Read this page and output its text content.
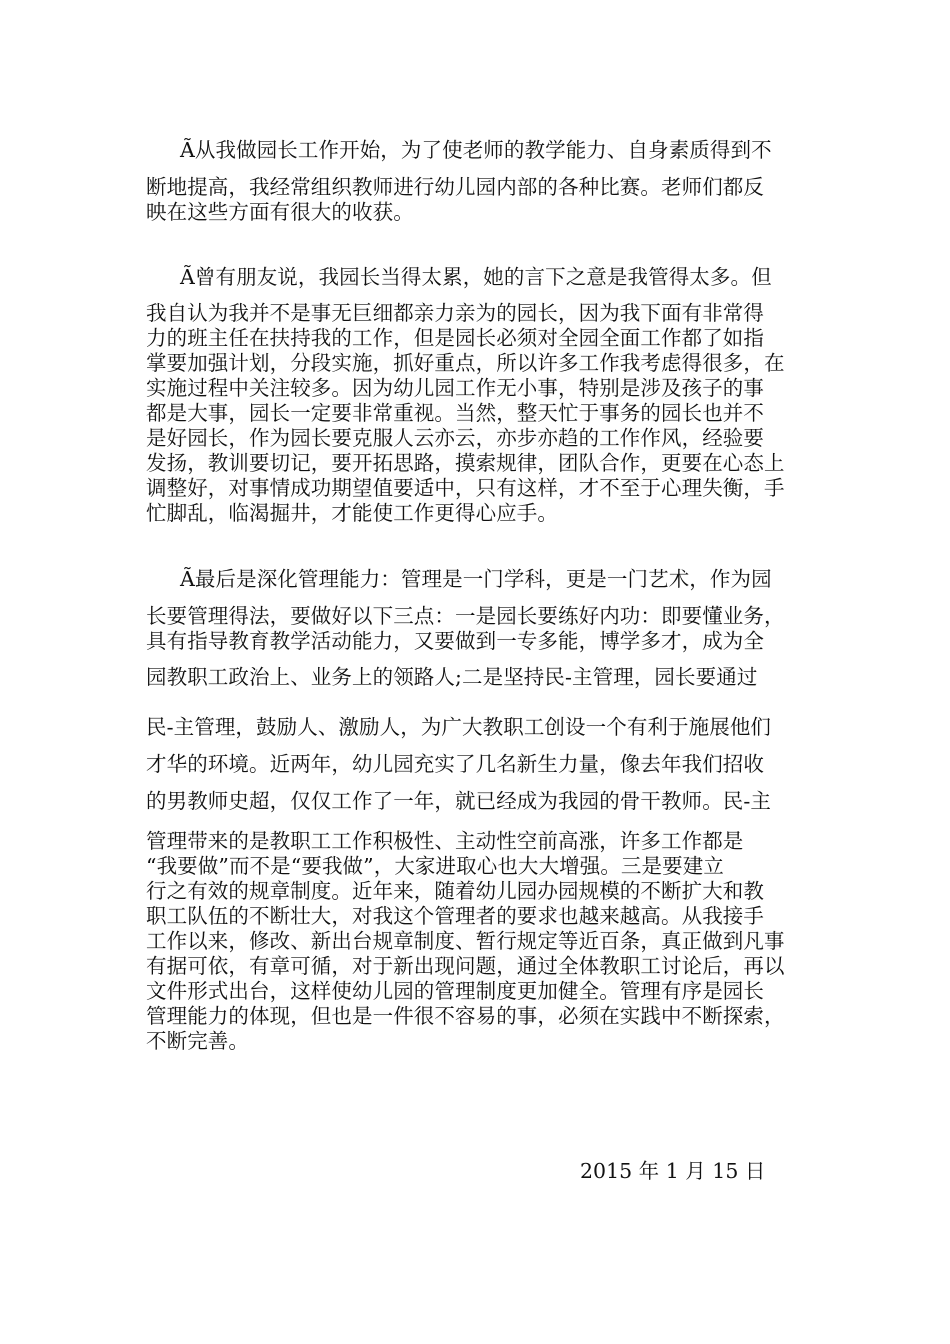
Ã从我做园长工作开始，为了使老师的教学能力、自身素质得到不
断地提高，我经常组织教师进行幼儿园内部的各种比赛。老师们都反
映在这些方面有很大的收获。
Ã曾有朋友说，我园长当得太累，她的言下之意是我管得太多。但
我自认为我并不是事无巨细都亲力亲为的园长，因为我下面有非常得
力的班主任在扶持我的工作，但是园长必须对全园全面工作都了如指
掌要加强计划，分段实施，抓好重点，所以许多工作我考虑得很多，在
实施过程中关注较多。因为幼儿园工作无小事，特别是涉及孩子的事
都是大事，园长一定要非常重视。当然，整天忙于事务的园长也并不
是好园长，作为园长要克服人云亦云，亦步亦趋的工作作风，经验要
发扬，教训要切记，要开拓思路，摸索规律，团队合作，更要在心态上
调整好，对事情成功期望值要适中，只有这样，才不至于心理失衡，手
忙脚乱，临渴掘井，才能使工作更得心应手。
Ã最后是深化管理能力：管理是一门学科，更是一门艺术，作为园
长要管理得法，要做好以下三点：一是园长要练好内功：即要懂业务，
具有指导教育教学活动能力，又要做到一专多能，博学多才，成为全
园教职工政治上、业务上的领路人;二是坚持民-主管理，园长要通过
民-主管理，鼓励人、激励人，为广大教职工创设一个有利于施展他们
才华的环境。近两年，幼儿园充实了几名新生力量，像去年我们招收
的男教师史超，仅仅工作了一年，就已经成为我园的骨干教师。民-主
管理带来的是教职工工作积极性、主动性空前高涨，许多工作都是
“我要做”而不是“要我做”，大家进取心也大大增强。三是要建立
行之有效的规章制度。近年来，随着幼儿园办园规模的不断扩大和教
职工队伍的不断壮大，对我这个管理者的要求也越来越高。从我接手
工作以来，修改、新出台规章制度、暂行规定等近百条，真正做到凡事
有据可依，有章可循，对于新出现问题，通过全体教职工讨论后，再以
文件形式出台，这样使幼儿园的管理制度更加健全。管理有序是园长
管理能力的体现，但也是一件很不容易的事，必须在实践中不断探索，
不断完善。
2015 年 1 月 15 日
